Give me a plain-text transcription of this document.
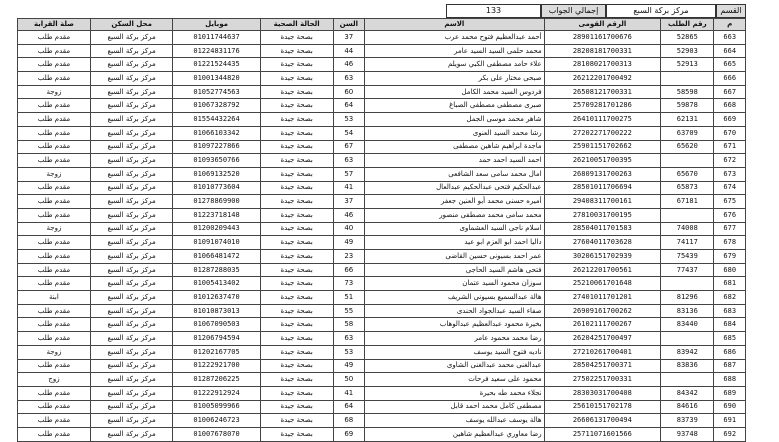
القسم
مركز بركة السبع
إجمالي الجواب
133
م	رقم الطلب	الرقم القومى	الاسم	السن	الحالة الصحية	موبايل	محل السكن	صلة القرابة
663	52865	28901161700676	أحمد عبدالعظيم فتوح محمد عرب	37	بصحة جيدة	01011744637	مركز بركة السبع	مقدم طلب
664	52903	28208181700331	محمد حلمى السيد السيد عامر	44	بصحة جيدة	01224831176	مركز بركة السبع	مقدم طلب
665	52913	28108021700313	علاء حامد مصطفى الكبي سويلم	46	بصحة جيدة	01221524435	مركز بركة السبع	مقدم طلب
666		26212201700492	صبحى مختار على بكر	63	بصحة جيدة	01001344820	مركز بركة السبع	مقدم طلب
667	58598	26508121700331	فردوس السيد محمد الكامل	60	بصحة جيدة	01052774563	مركز بركة السبع	زوجة
668	59878	25709281701286	صبرى مصطفى مصطفى الصباغ	64	بصحة جيدة	01067328792	مركز بركة السبع	مقدم طلب
669	62131	26410111700275	شاهر محمد موسى الجمل	53	بصحة جيدة	01554432264	مركز بركة السبع	مقدم طلب
670	63709	27202271700222	رشا محمد السيد العنوى	54	بصحة جيدة	01066103342	مركز بركة السبع	مقدم طلب
671	65620	25901151702662	ماجدة ابراهيم شاهين مصطفى	67	بصحة جيدة	01097227866	مركز بركة السبع	مقدم طلب
672		26210051700395	احمد السيد احمد حمد	63	بصحة جيدة	01093650766	مركز بركة السبع	مقدم طلب
673	65670	26809131700263	امال محمد سامى سعد الشافعى	57	بصحة جيدة	01069132520	مركز بركة السبع	زوجة
674	65873	28501011706694	عبدالحكيم فتحى عبدالحكيم عبدالعال	41	بصحة جيدة	01010773604	مركز بركة السبع	مقدم طلب
675	67181	29408311700161	أميره حسنى محمد أبو العنين جعفر	37	بصحة جيدة	01278869900	مركز بركة السبع	مقدم طلب
676		27810031700195	محمد سامى محمد مصطفى منصور	46	بصحة جيدة	01223718148	مركز بركة السبع	مقدم طلب
677	74008	28504011701583	اسلام ناجى السيد العشماوى	40	بصحة جيدة	01200209443	مركز بركة السبع	زوجة
678	74117	27604011703628	داليا احمد ابو العزم ابو عيد	49	بصحة جيدة	01091074010	مركز بركة السبع	مقدم طلب
679	75439	30206151702939	عمر احمد بسيونى حسين القاضى	23	بصحة جيدة	01066481472	مركز بركة السبع	مقدم طلب
680	77437	26212201700561	فتحى هاشم السيد الحاجى	66	بصحة جيدة	01287288035	مركز بركة السبع	مقدم طلب
681		25210061701648	سوزان محمود السيد عتمان	73	بصحة جيدة	01005413402	مركز بركة السبع	مقدم طلب
682	81296	27401011701201	هالة عبدالسميع بسيونى الشريف	51	بصحة جيدة	01012637470	مركز بركة السبع	ابنة
683	83136	26909161700262	صفاء السيد عبدالجواد الحندى	55	بصحة جيدة	01010873013	مركز بركة السبع	مقدم طلب
684	83440	26102111700267	بخيرة محمود عبدالعظيم عبدالوهاب	58	بصحة جيدة	01067090503	مركز بركة السبع	مقدم طلب
685		26204251700497	رضا محمد محمود عامر	63	بصحة جيدة	01206794594	مركز بركة السبع	مقدم طلب
686	83942	27210261700401	ناديه فتوح السيد يوسف	53	بصحة جيدة	01202167705	مركز بركة السبع	زوجة
687	83836	28504251700371	عبدالغنى محمد عبدالغنى الشاوى	49	بصحة جيدة	01222921700	مركز بركة السبع	مقدم طلب
688		27502251700331	محمود على سعيد فرحات	50	بصحة جيدة	01287206225	مركز بركة السبع	زوج
689	84342	28303031700408	نجلاء محمد طه بحيرة	41	بصحة جيدة	01222912924	مركز بركة السبع	مقدم طلب
690	84616	25610151702178	مصطفى كامل محمد احمد قابل	64	بصحة جيدة	01005099966	مركز بركة السبع	مقدم طلب
691	83739	26606131700494	هالة يوسف عبدالله يوسف	68	بصحة جيدة	01006246723	مركز بركة السبع	مقدم طلب
692	93748	25711071601566	رضا معاوري عبدالعظيم شاهين	69	بصحة جيدة	01007678070	مركز بركة السبع	مقدم طلب
